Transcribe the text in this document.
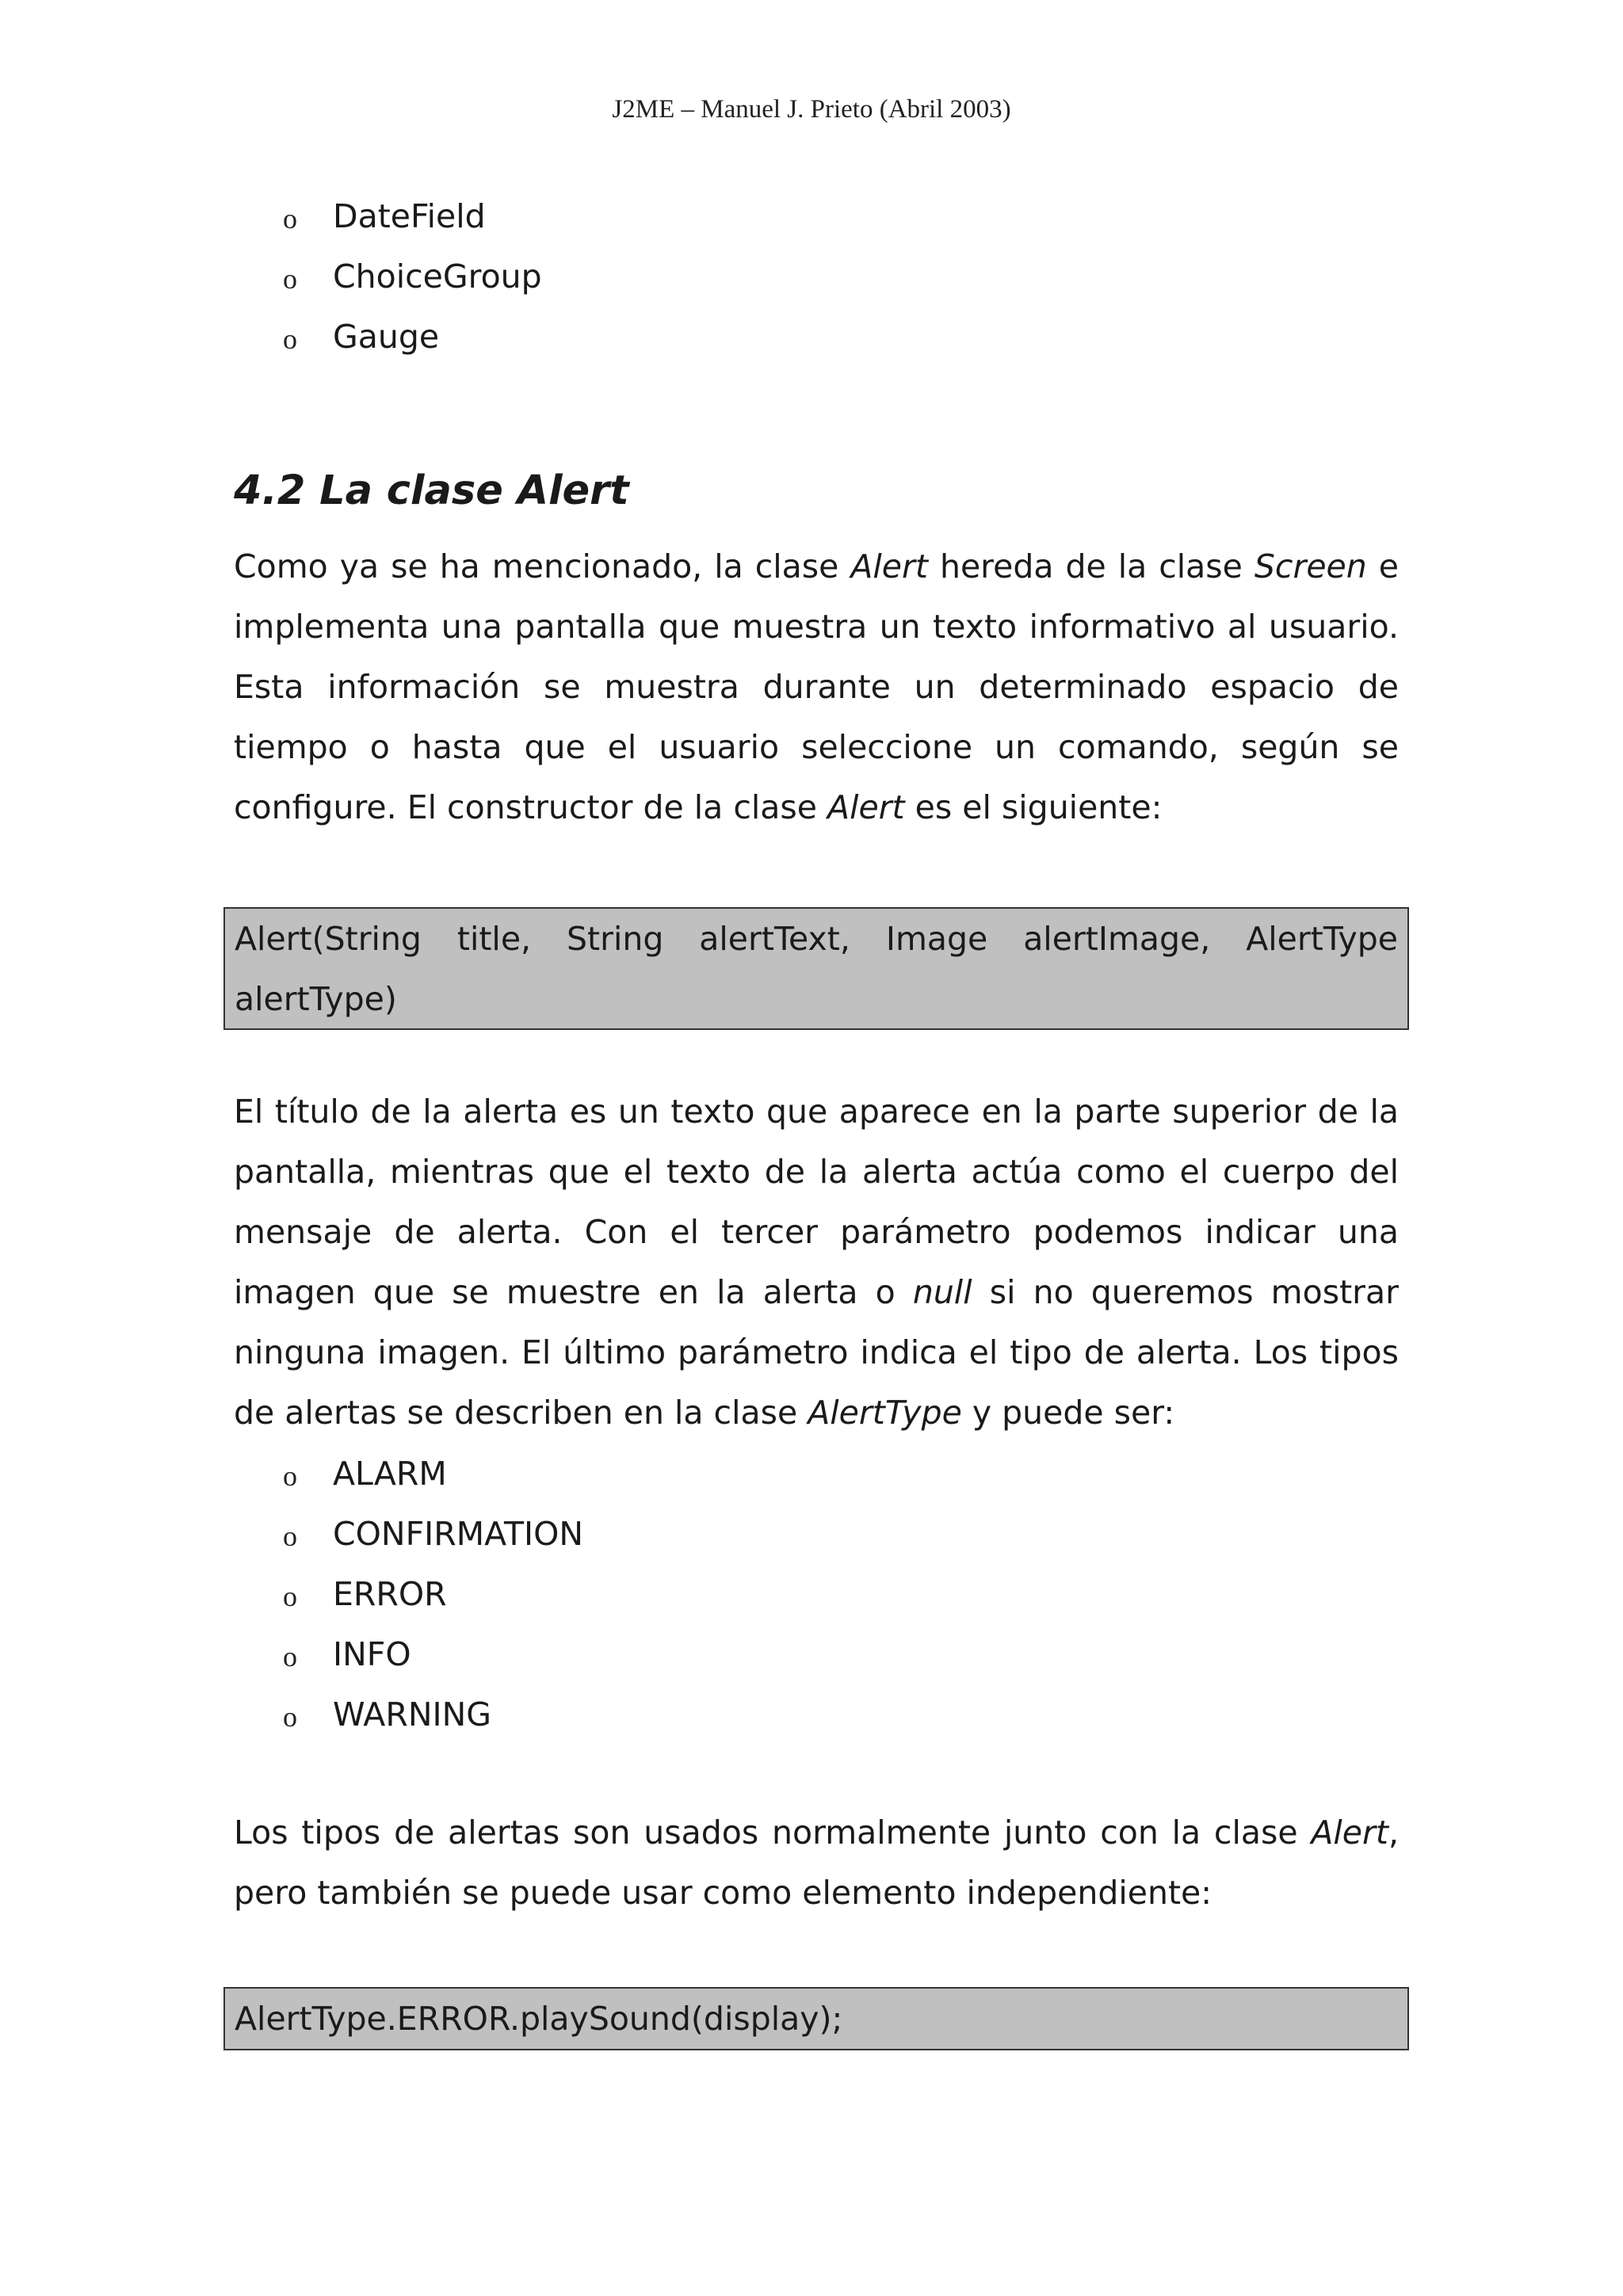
J2ME – Manuel J. Prieto (Abril 2003)
o DateField
o ChoiceGroup
o Gauge
4.2 La clase Alert

Como ya se ha mencionado, la clase Alert hereda de la clase Screen e implementa una pantalla que muestra un texto informativo al usuario. Esta información se muestra durante un determinado espacio de tiempo o hasta que el usuario seleccione un comando, según se configure. El constructor de la clase Alert es el siguiente:

Alert(String title, String alertText, Image alertImage, AlertType
alertType)

El título de la alerta es un texto que aparece en la parte superior de la pantalla, mientras que el texto de la alerta actúa como el cuerpo del mensaje de alerta. Con el tercer parámetro podemos indicar una imagen que se muestre en la alerta o null si no queremos mostrar ninguna imagen. El último parámetro indica el tipo de alerta. Los tipos de alertas se describen en la clase AlertType y puede ser:

o ALARM
o CONFIRMATION
o ERROR
o INFO
o WARNING

Los tipos de alertas son usados normalmente junto con la clase Alert, pero también se puede usar como elemento independiente:

AlertType.ERROR.playSound(display);
